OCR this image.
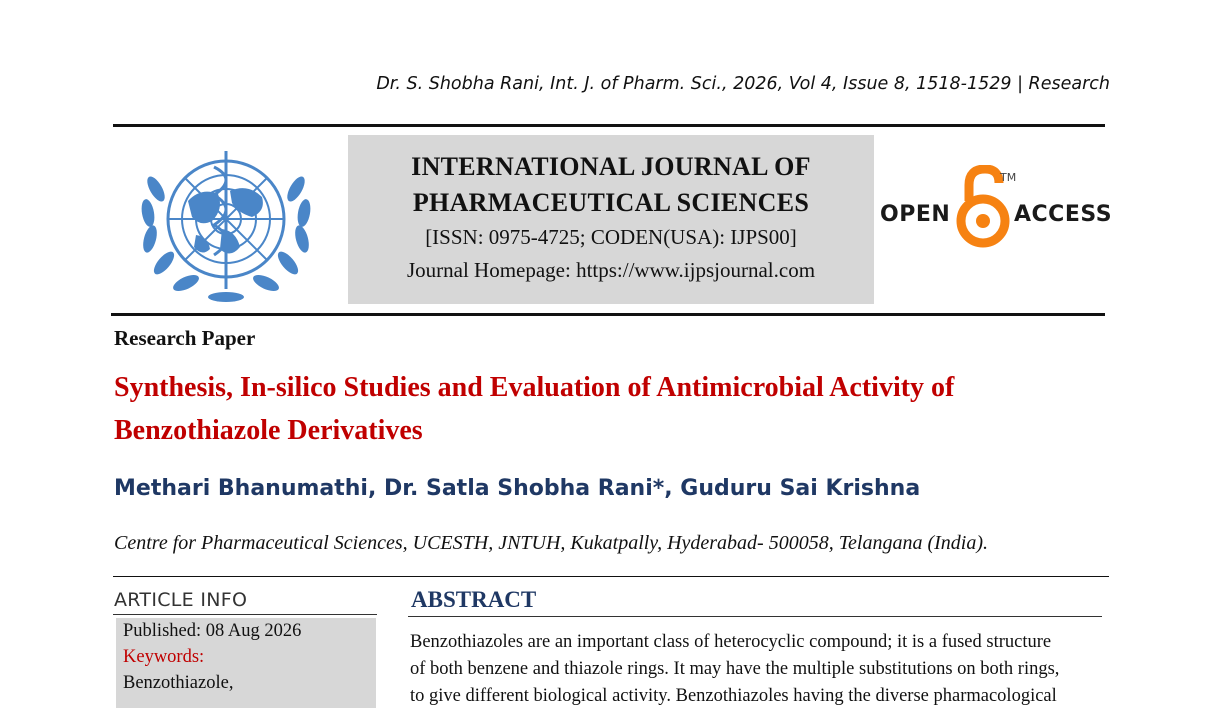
Dr. S. Shobha Rani, Int. J. of Pharm. Sci., 2026, Vol 4, Issue 8, 1518-1529 | Research
INTERNATIONAL JOURNAL OF
PHARMACEUTICAL SCIENCES
[ISSN: 0975-4725; CODEN(USA): IJPS00]
Journal Homepage: https://www.ijpsjournal.com
OPEN
TM
ACCESS
Research Paper
Synthesis, In-silico Studies and Evaluation of Antimicrobial Activity of Benzothiazole Derivatives
Methari Bhanumathi, Dr. Satla Shobha Rani*, Guduru Sai Krishna
Centre for Pharmaceutical Sciences, UCESTH, JNTUH, Kukatpally, Hyderabad- 500058, Telangana (India).
ARTICLE INFO
Published: 08 Aug 2026
Keywords:
Benzothiazole,
ABSTRACT
Benzothiazoles are an important class of heterocyclic compound; it is a fused structure
of both benzene and thiazole rings. It may have the multiple substitutions on both rings,
to give different biological activity. Benzothiazoles having the diverse pharmacological
